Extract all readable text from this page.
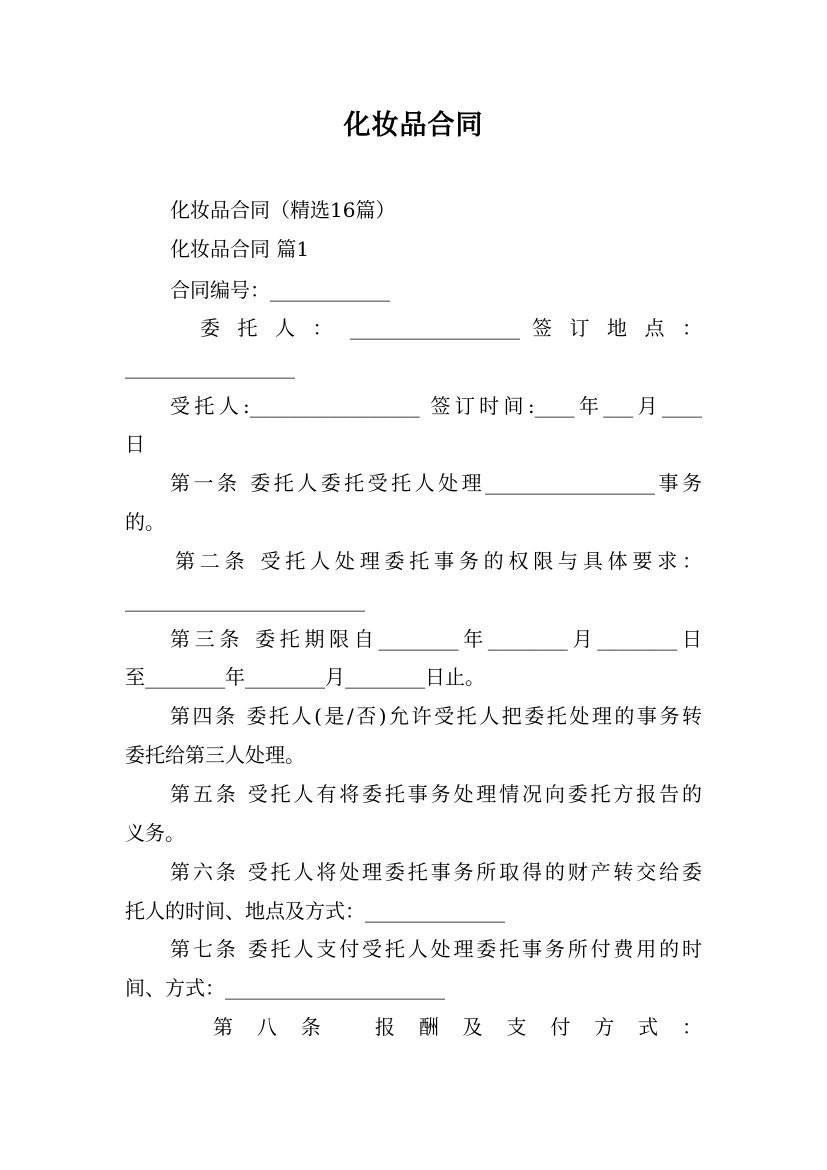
化妆品合同
化妆品合同（精选16篇）
化妆品合同 篇1
合同编号：____________
委 托 人 ： _________________ 签 订 地 点 ：
_________________
受托人:_________________ 签订时间:____年___月____
日
第一条 委托人委托受托人处理_________________事务
的。
第二条 受托人处理委托事务的权限与具体要求：
________________________
第三条 委托期限自________年________月________日
至________年________月________日止。
第四条 委托人(是/否)允许受托人把委托处理的事务转
委托给第三人处理。
第五条 受托人有将委托事务处理情况向委托方报告的
义务。
第六条 受托人将处理委托事务所取得的财产转交给委
托人的时间、地点及方式：______________
第七条 委托人支付受托人处理委托事务所付费用的时
间、方式：______________________
第 八 条   报 酬 及 支 付 方 式 ：
